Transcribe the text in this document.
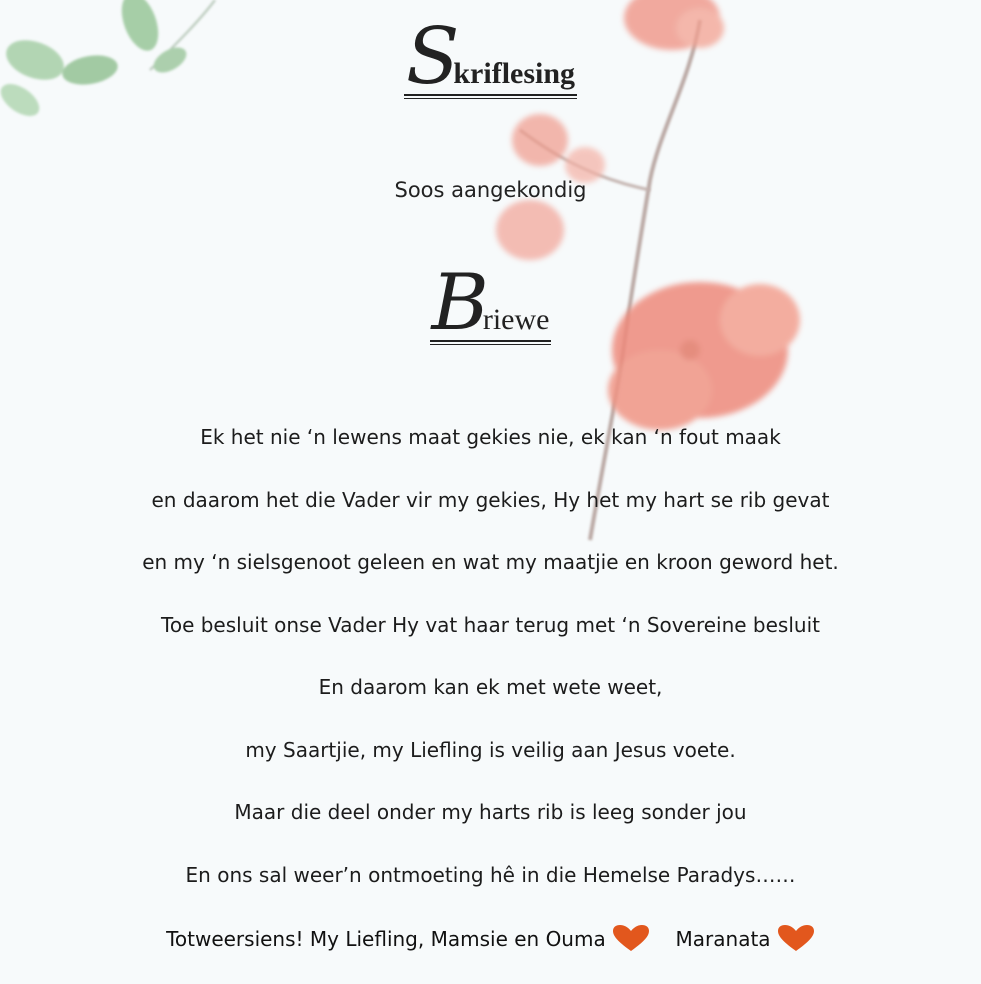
Skriflesing
Soos aangekondig
Briewe
Ek het nie ‘n lewens maat gekies nie, ek kan ‘n fout maak
en daarom het die Vader vir my gekies, Hy het my hart se rib gevat
en my ‘n sielsgenoot geleen en wat my maatjie en kroon geword het.
Toe besluit onse Vader Hy vat haar terug met ‘n Sovereine besluit
En daarom kan ek met wete weet,
my Saartjie, my Liefling is veilig aan Jesus voete.
Maar die deel onder my harts rib is leeg sonder jou
En ons sal weer’n ontmoeting hê in die Hemelse Paradys……
Totweersiens! My Liefling, Mamsie en Ouma	Maranata
